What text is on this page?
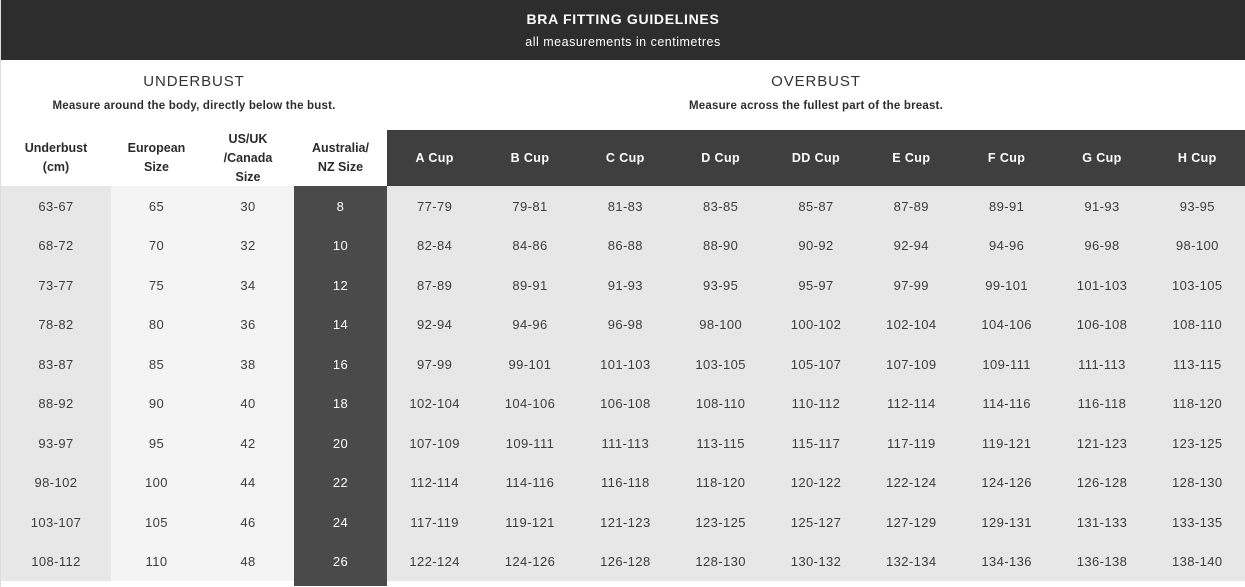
BRA FITTING GUIDELINES
all measurements in centimetres
UNDERBUST
Measure around the body, directly below the bust.
OVERBUST
Measure across the fullest part of the breast.
Underbust (cm)	European Size	US/UK /Canada Size	Australia/ NZ Size	A Cup	B Cup	C Cup	D Cup	DD Cup	E Cup	F Cup	G Cup	H Cup
63-67	65	30	8	77-79	79-81	81-83	83-85	85-87	87-89	89-91	91-93	93-95
68-72	70	32	10	82-84	84-86	86-88	88-90	90-92	92-94	94-96	96-98	98-100
73-77	75	34	12	87-89	89-91	91-93	93-95	95-97	97-99	99-101	101-103	103-105
78-82	80	36	14	92-94	94-96	96-98	98-100	100-102	102-104	104-106	106-108	108-110
83-87	85	38	16	97-99	99-101	101-103	103-105	105-107	107-109	109-111	111-113	113-115
88-92	90	40	18	102-104	104-106	106-108	108-110	110-112	112-114	114-116	116-118	118-120
93-97	95	42	20	107-109	109-111	111-113	113-115	115-117	117-119	119-121	121-123	123-125
98-102	100	44	22	112-114	114-116	116-118	118-120	120-122	122-124	124-126	126-128	128-130
103-107	105	46	24	117-119	119-121	121-123	123-125	125-127	127-129	129-131	131-133	133-135
108-112	110	48	26	122-124	124-126	126-128	128-130	130-132	132-134	134-136	136-138	138-140
